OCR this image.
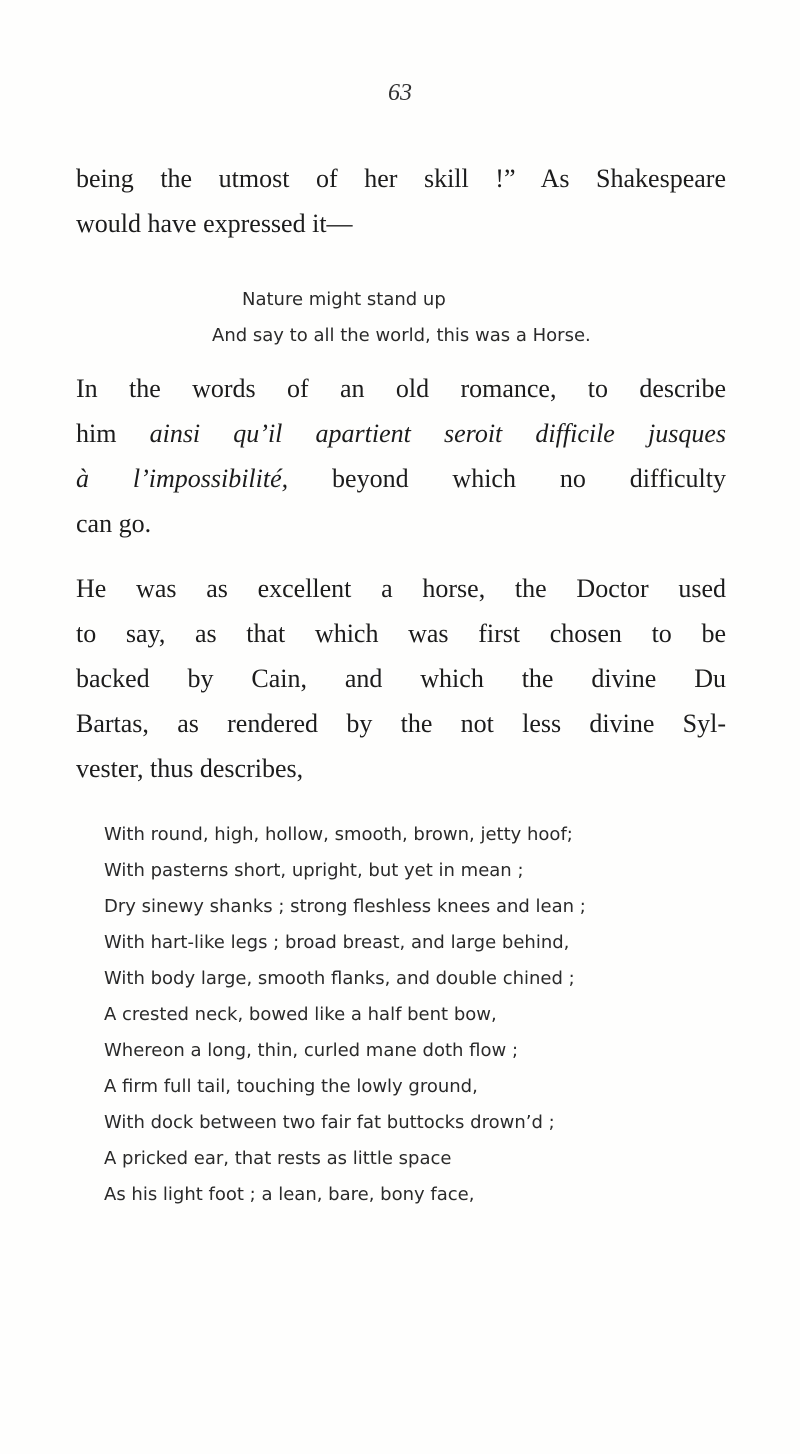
63

being the utmost of her skill !” As Shakespeare
would have expressed it—

Nature might stand up
And say to all the world, this was a Horse.

In the words of an old romance, to describe
him ainsi qu’il apartient seroit difficile jusques
à l’impossibilité, beyond which no difficulty
can go.

He was as excellent a horse, the Doctor used
to say, as that which was first chosen to be
backed by Cain, and which the divine Du
Bartas, as rendered by the not less divine Syl-
vester, thus describes,

With round, high, hollow, smooth, brown, jetty hoof;
With pasterns short, upright, but yet in mean ;
Dry sinewy shanks ; strong fleshless knees and lean ;
With hart-like legs ; broad breast, and large behind,
With body large, smooth flanks, and double chined ;
A crested neck, bowed like a half bent bow,
Whereon a long, thin, curled mane doth flow ;
A firm full tail, touching the lowly ground,
With dock between two fair fat buttocks drown’d ;
A pricked ear, that rests as little space
As his light foot ; a lean, bare, bony face,
